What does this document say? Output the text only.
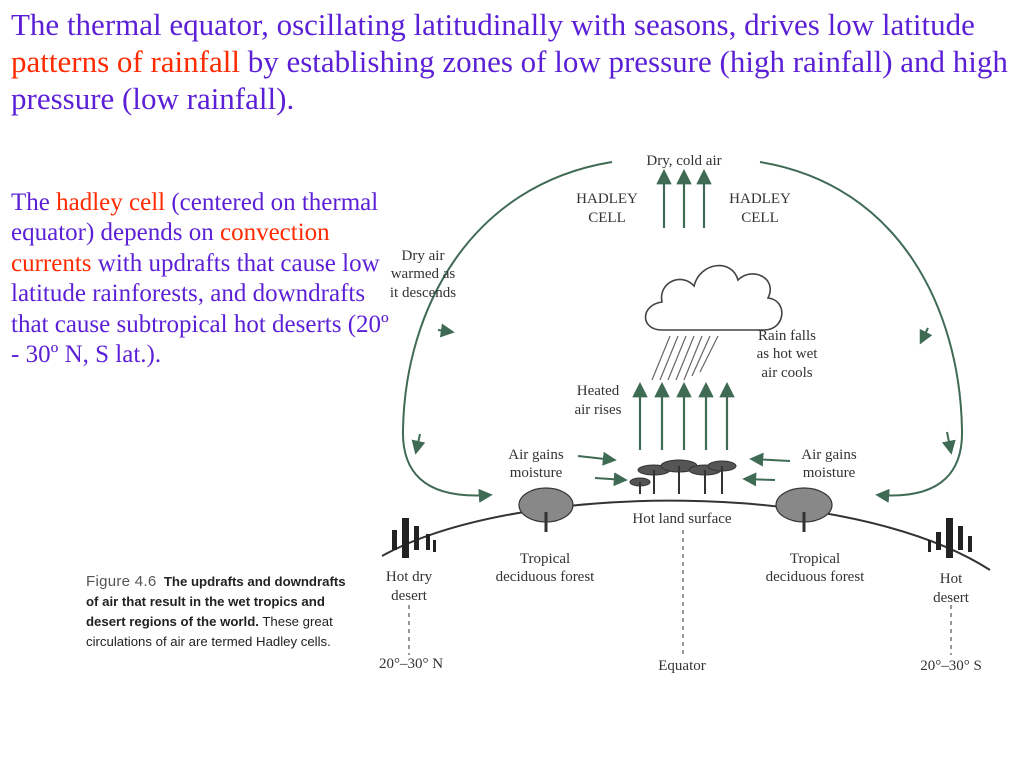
The thermal equator, oscillating latitudinally with seasons, drives low latitude patterns of rainfall by establishing zones of low pressure (high rainfall) and high pressure (low rainfall).

The hadley cell (centered on thermal equator) depends on convection currents with updrafts that cause low latitude rainforests, and downdrafts that cause subtropical hot deserts (20º - 30º N, S lat.).

Dry, cold air
HADLEY
CELL
HADLEY
CELL
Dry air
warmed as
it descends
Rain falls
as hot wet
air cools
Heated
air rises
Air gains
moisture
Air gains
moisture
Hot land surface
Tropical
deciduous forest
Tropical
deciduous forest
Hot dry
desert
Hot
desert
20°–30° N	Equator	20°–30° S

Figure 4.6 The updrafts and downdrafts of air that result in the wet tropics and desert regions of the world. These great circulations of air are termed Hadley cells.
